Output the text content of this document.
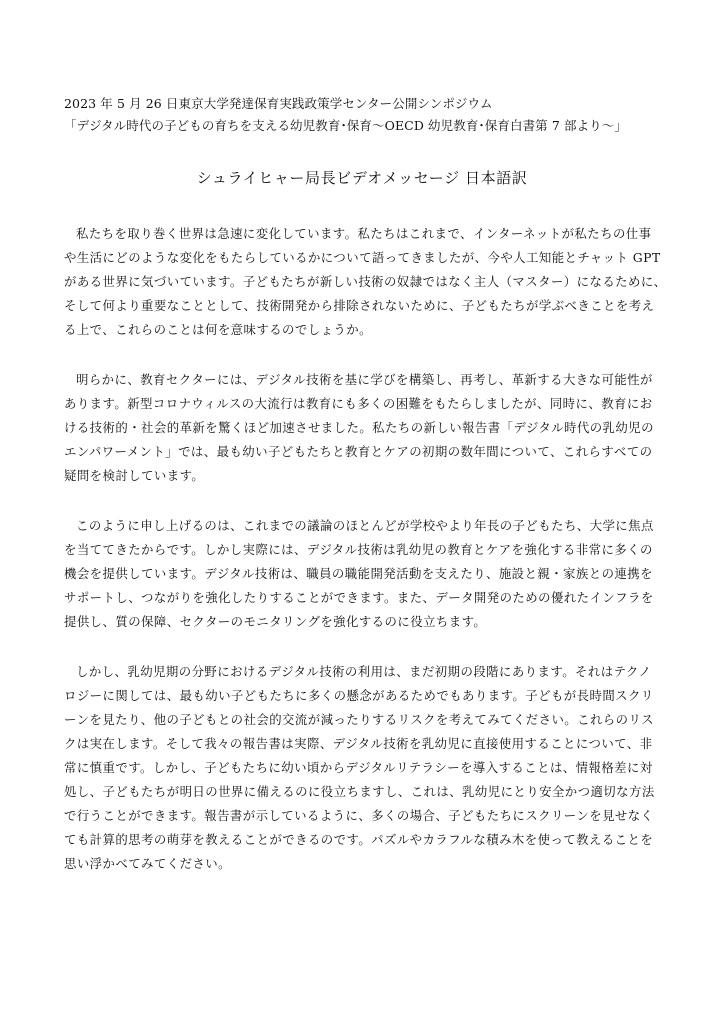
2023 年 5 月 26 日東京大学発達保育実践政策学センター公開シンポジウム
「デジタル時代の子どもの育ちを支える幼児教育･保育〜OECD 幼児教育･保育白書第 7 部より〜」
シュライヒャー局長ビデオメッセージ 日本語訳
私たちを取り巻く世界は急速に変化しています。私たちはこれまで、インターネットが私たちの仕事
や生活にどのような変化をもたらしているかについて語ってきましたが、今や人工知能とチャット GPT
がある世界に気づいています。子どもたちが新しい技術の奴隷ではなく主人（マスター）になるために、
そして何より重要なこととして、技術開発から排除されないために、子どもたちが学ぶべきことを考え
る上で、これらのことは何を意味するのでしょうか。
明らかに、教育セクターには、デジタル技術を基に学びを構築し、再考し、革新する大きな可能性が
あります。新型コロナウィルスの大流行は教育にも多くの困難をもたらしましたが、同時に、教育にお
ける技術的・社会的革新を驚くほど加速させました。私たちの新しい報告書「デジタル時代の乳幼児の
エンパワーメント」では、最も幼い子どもたちと教育とケアの初期の数年間について、これらすべての
疑問を検討しています。
このように申し上げるのは、これまでの議論のほとんどが学校やより年長の子どもたち、大学に焦点
を当ててきたからです。しかし実際には、デジタル技術は乳幼児の教育とケアを強化する非常に多くの
機会を提供しています。デジタル技術は、職員の職能開発活動を支えたり、施設と親・家族との連携を
サポートし、つながりを強化したりすることができます。また、データ開発のための優れたインフラを
提供し、質の保障、セクターのモニタリングを強化するのに役立ちます。
しかし、乳幼児期の分野におけるデジタル技術の利用は、まだ初期の段階にあります。それはテクノ
ロジーに関しては、最も幼い子どもたちに多くの懸念があるためでもあります。子どもが長時間スクリ
ーンを見たり、他の子どもとの社会的交流が減ったりするリスクを考えてみてください。これらのリス
クは実在します。そして我々の報告書は実際、デジタル技術を乳幼児に直接使用することについて、非
常に慎重です。しかし、子どもたちに幼い頃からデジタルリテラシーを導入することは、情報格差に対
処し、子どもたちが明日の世界に備えるのに役立ちますし、これは、乳幼児にとり安全かつ適切な方法
で行うことができます。報告書が示しているように、多くの場合、子どもたちにスクリーンを見せなく
ても計算的思考の萌芽を教えることができるのです。パズルやカラフルな積み木を使って教えることを
思い浮かべてみてください。
